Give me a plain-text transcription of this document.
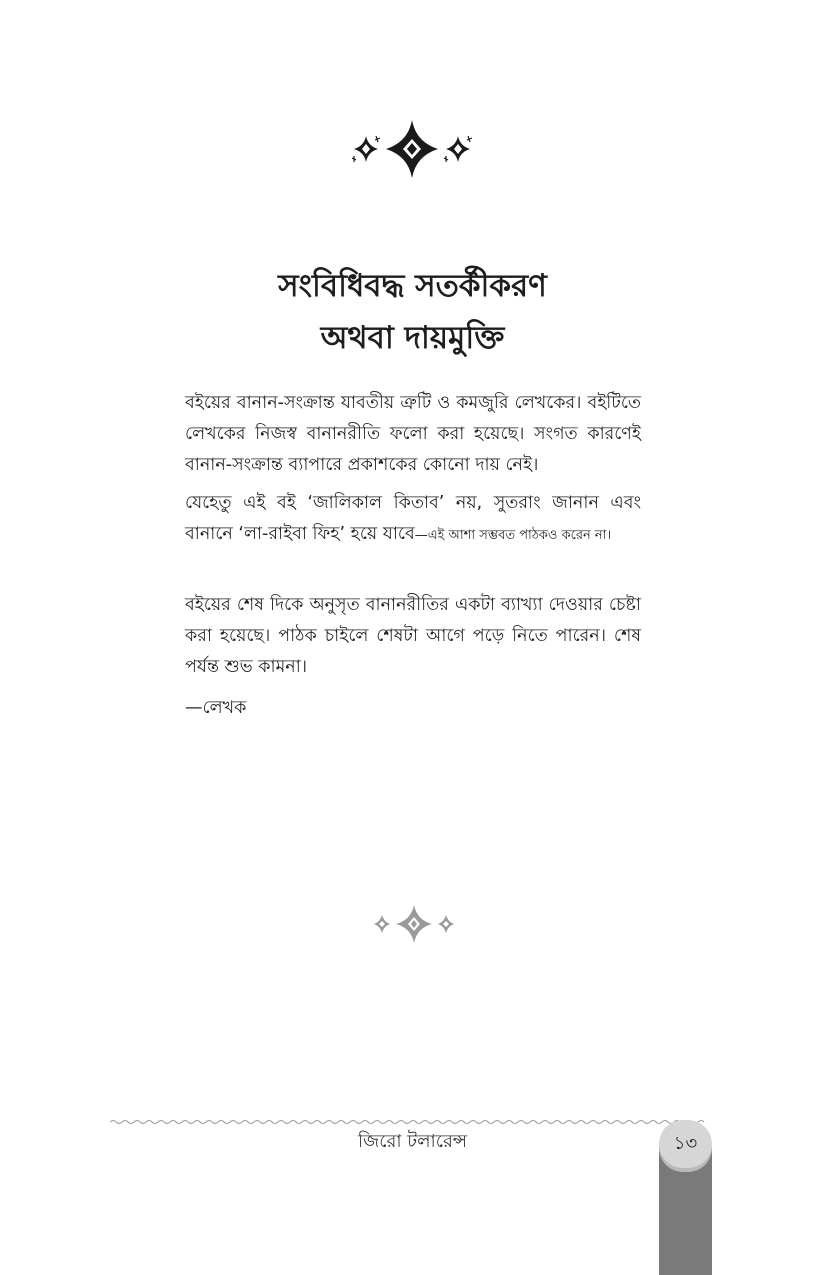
সংবিধিবদ্ধ সতর্কীকরণ
অথবা দায়মুক্তি

বইয়ের বানান-সংক্রান্ত যাবতীয় ত্রুটি ও কমজুরি লেখকের। বইটিতে লেখকের নিজস্ব বানানরীতি ফলো করা হয়েছে। সংগত কারণেই বানান-সংক্রান্ত ব্যাপারে প্রকাশকের কোনো দায় নেই।

যেহেতু এই বই ‘জালিকাল কিতাব’ নয়, সুতরাং জানান এবং বানানে ‘লা-রাইবা ফিহ’ হয়ে যাবে—এই আশা সম্ভবত পাঠকও করেন না।

বইয়ের শেষ দিকে অনুসৃত বানানরীতির একটা ব্যাখ্যা দেওয়ার চেষ্টা করা হয়েছে। পাঠক চাইলে শেষটা আগে পড়ে নিতে পারেন। শেষ পর্যন্ত শুভ কামনা।

—লেখক

জিরো টলারেন্স	১৩
